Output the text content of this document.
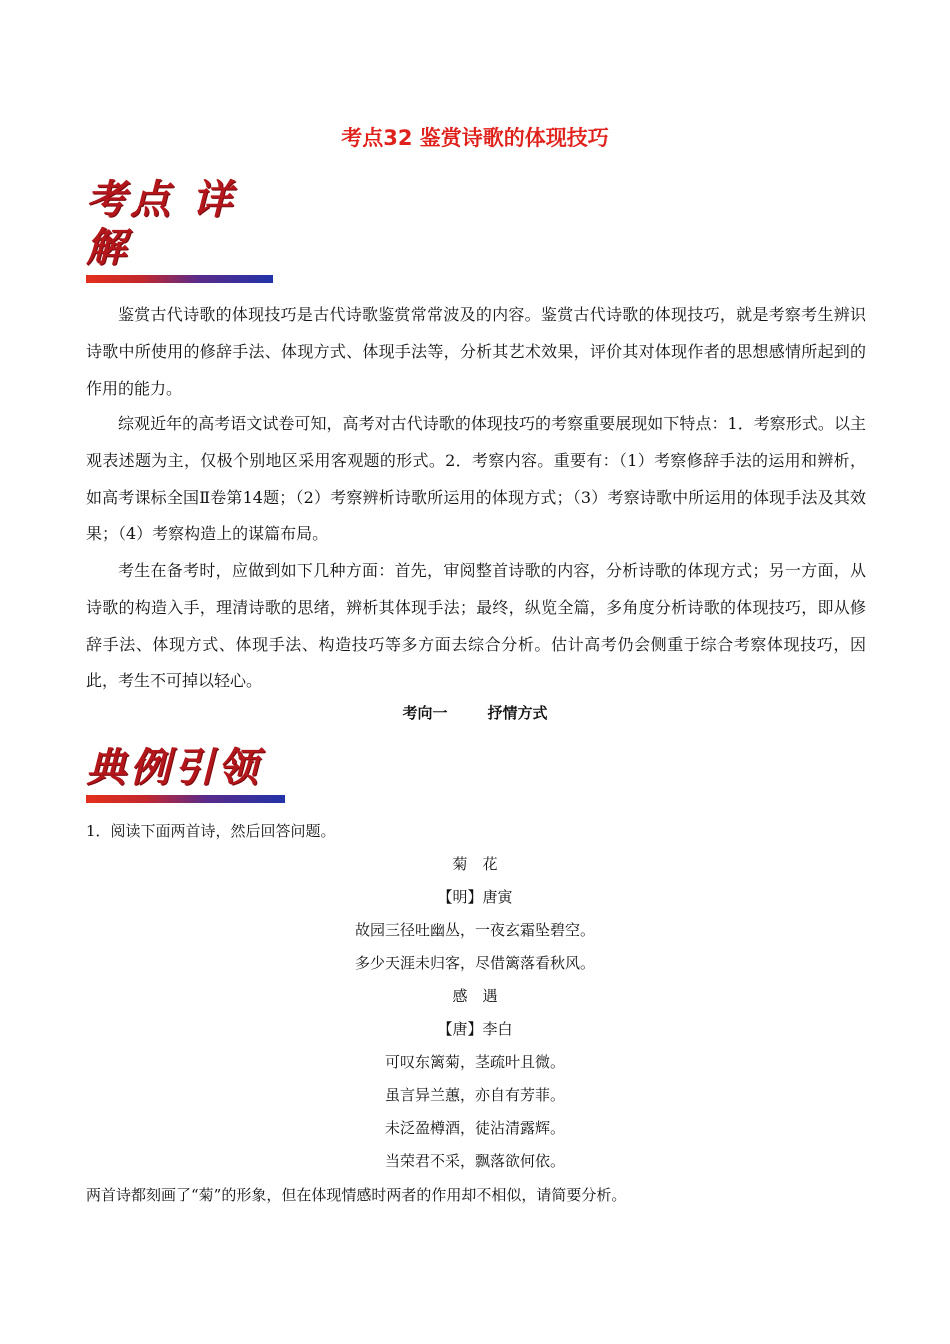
考点32 鉴赏诗歌的体现技巧
考点 详解

鉴赏古代诗歌的体现技巧是古代诗歌鉴赏常常波及的内容。鉴赏古代诗歌的体现技巧，就是考察考生辨识诗歌中所使用的修辞手法、体现方式、体现手法等，分析其艺术效果，评价其对体现作者的思想感情所起到的作用的能力。

综观近年的高考语文试卷可知，高考对古代诗歌的体现技巧的考察重要展现如下特点：1．考察形式。以主观表述题为主，仅极个别地区采用客观题的形式。2．考察内容。重要有：（1）考察修辞手法的运用和辨析，如高考课标全国Ⅱ卷第14题；（2）考察辨析诗歌所运用的体现方式；（3）考察诗歌中所运用的体现手法及其效果；（4）考察构造上的谋篇布局。

考生在备考时，应做到如下几种方面：首先，审阅整首诗歌的内容，分析诗歌的体现方式；另一方面，从诗歌的构造入手，理清诗歌的思绪，辨析其体现手法；最终，纵览全篇，多角度分析诗歌的体现技巧，即从修辞手法、体现方式、体现手法、构造技巧等多方面去综合分析。估计高考仍会侧重于综合考察体现技巧，因此，考生不可掉以轻心。

考向一	抒情方式
典例引领
1．阅读下面两首诗，然后回答问题。
菊　花
【明】唐寅
故园三径吐幽丛，一夜玄霜坠碧空。
多少天涯未归客，尽借篱落看秋风。
感　遇
【唐】李白
可叹东篱菊，茎疏叶且微。
虽言异兰蕙，亦自有芳菲。
未泛盈樽酒，徒沾清露辉。
当荣君不采，飘落欲何依。
两首诗都刻画了“菊”的形象，但在体现情感时两者的作用却不相似，请简要分析。
